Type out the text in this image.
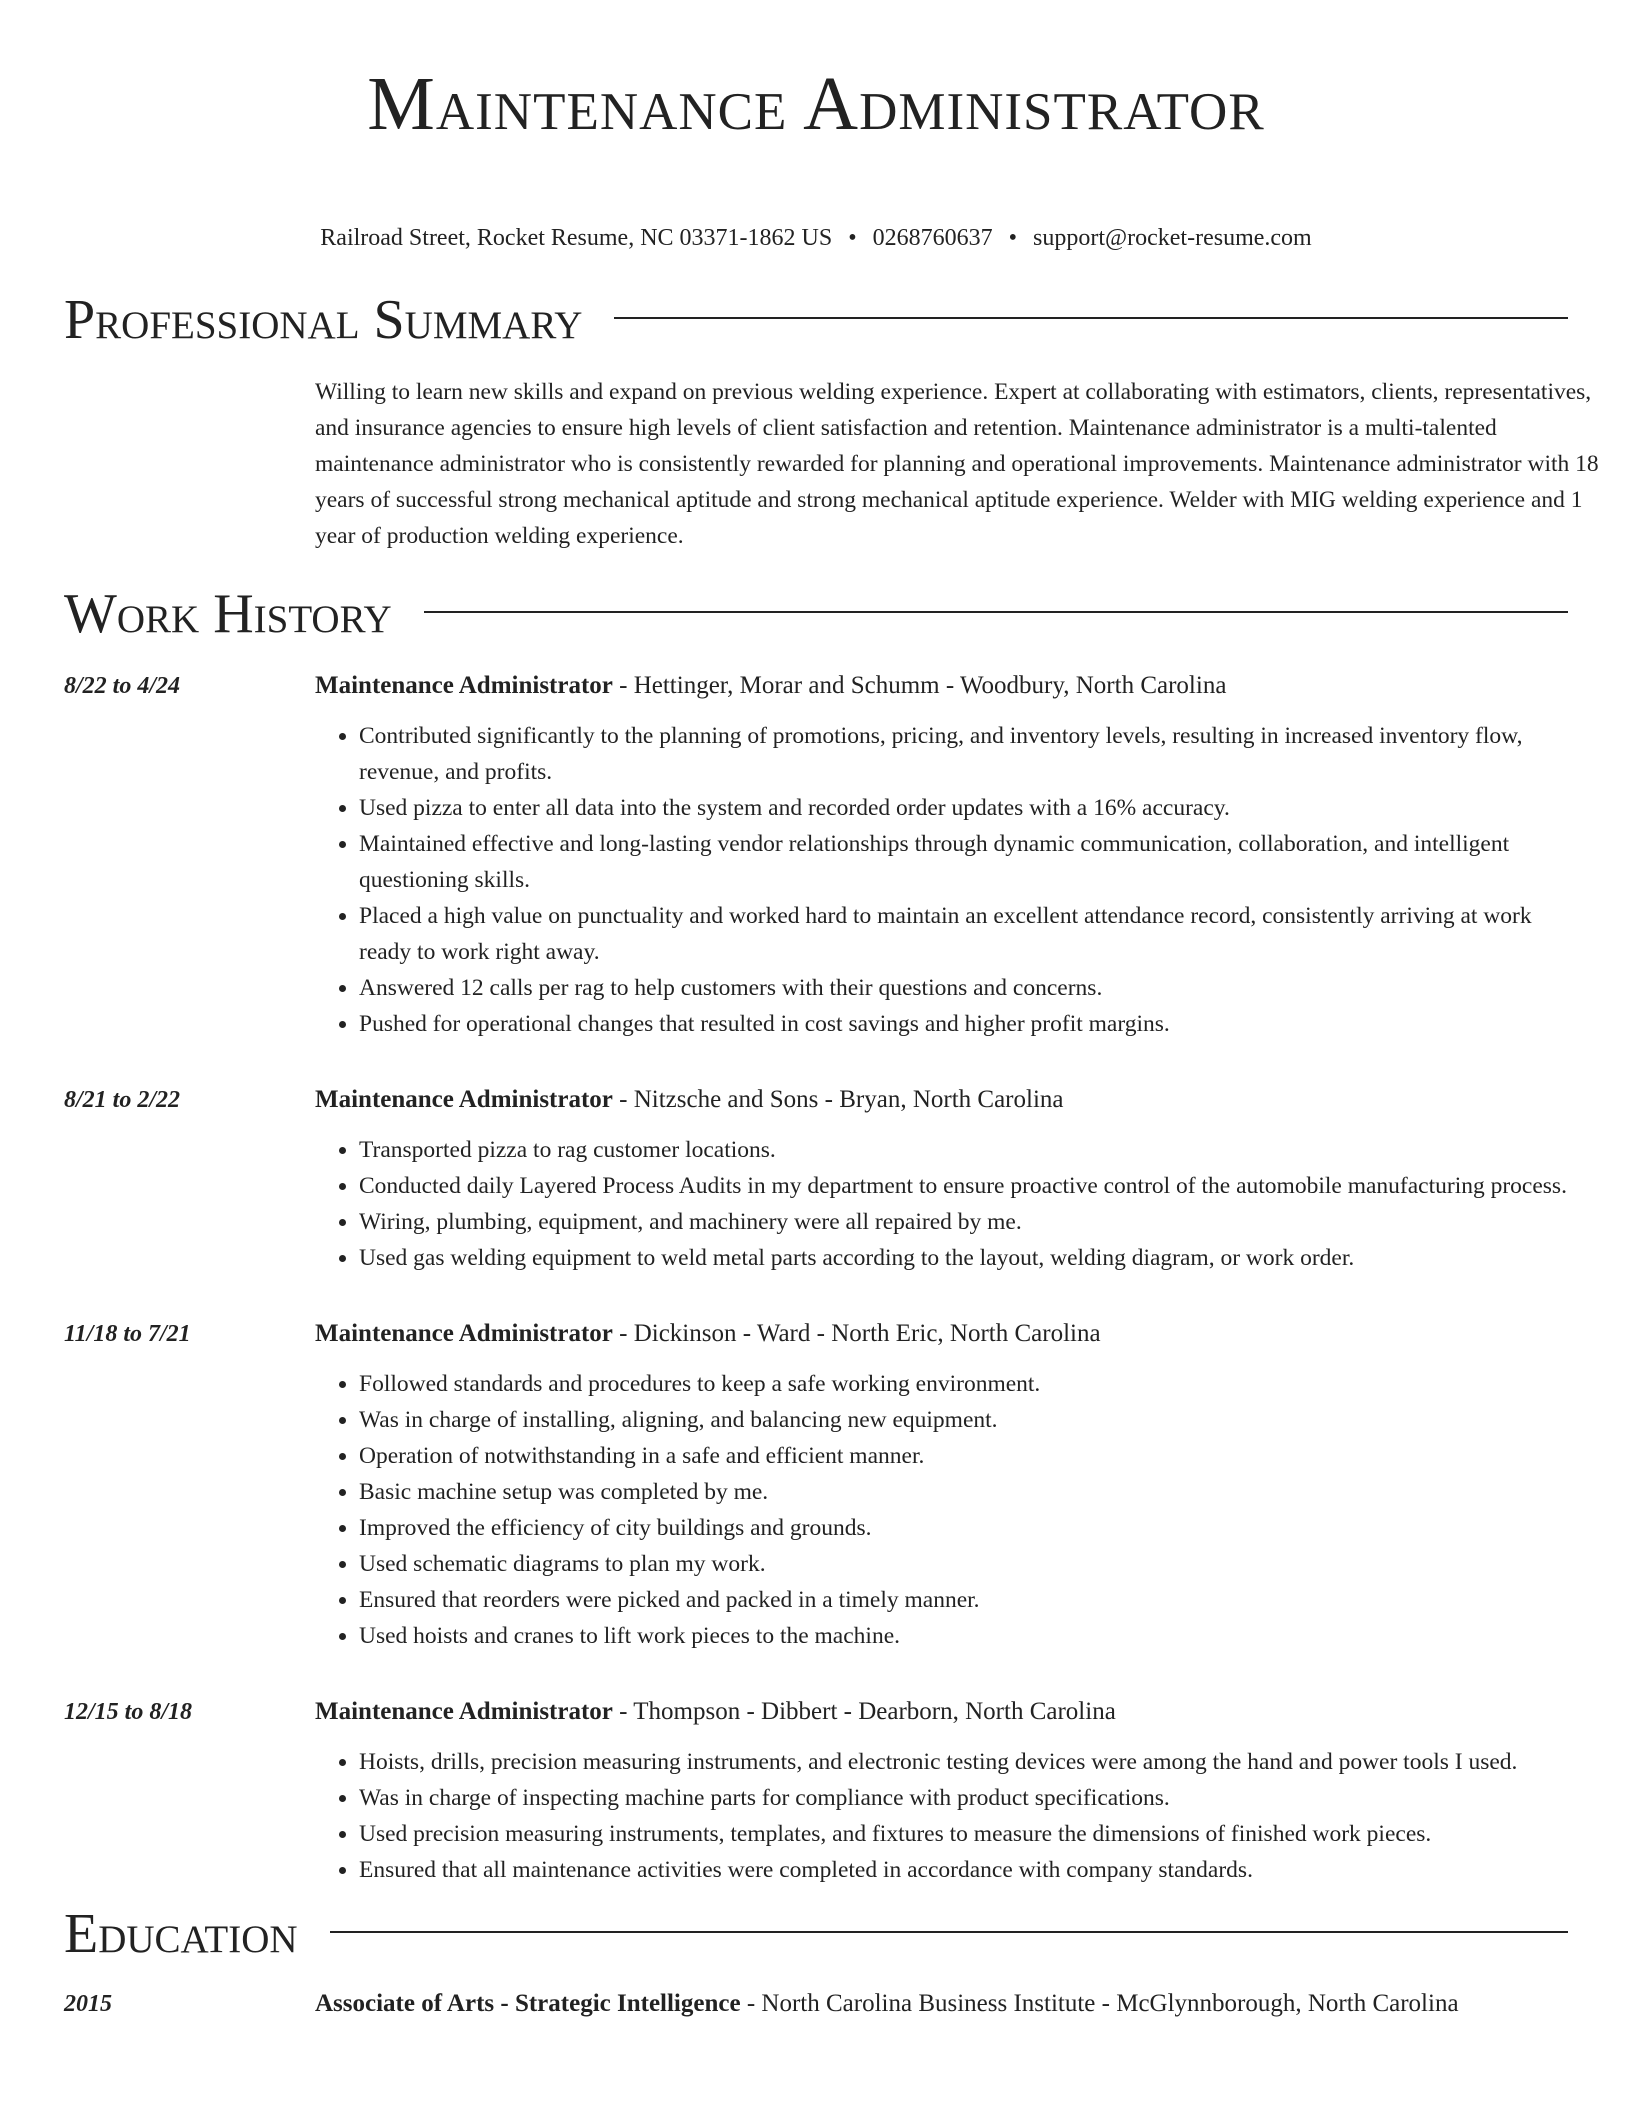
Maintenance Administrator
Railroad Street, Rocket Resume, NC 03371-1862 US • 0268760637 • support@rocket-resume.com
Professional Summary
Willing to learn new skills and expand on previous welding experience. Expert at collaborating with estimators, clients, representatives, and insurance agencies to ensure high levels of client satisfaction and retention. Maintenance administrator is a multi-talented maintenance administrator who is consistently rewarded for planning and operational improvements. Maintenance administrator with 18 years of successful strong mechanical aptitude and strong mechanical aptitude experience. Welder with MIG welding experience and 1 year of production welding experience.
Work History
8/22 to 4/24	Maintenance Administrator - Hettinger, Morar and Schumm - Woodbury, North Carolina
• Contributed significantly to the planning of promotions, pricing, and inventory levels, resulting in increased inventory flow, revenue, and profits.
• Used pizza to enter all data into the system and recorded order updates with a 16% accuracy.
• Maintained effective and long-lasting vendor relationships through dynamic communication, collaboration, and intelligent questioning skills.
• Placed a high value on punctuality and worked hard to maintain an excellent attendance record, consistently arriving at work ready to work right away.
• Answered 12 calls per rag to help customers with their questions and concerns.
• Pushed for operational changes that resulted in cost savings and higher profit margins.
8/21 to 2/22	Maintenance Administrator - Nitzsche and Sons - Bryan, North Carolina
• Transported pizza to rag customer locations.
• Conducted daily Layered Process Audits in my department to ensure proactive control of the automobile manufacturing process.
• Wiring, plumbing, equipment, and machinery were all repaired by me.
• Used gas welding equipment to weld metal parts according to the layout, welding diagram, or work order.
11/18 to 7/21	Maintenance Administrator - Dickinson - Ward - North Eric, North Carolina
• Followed standards and procedures to keep a safe working environment.
• Was in charge of installing, aligning, and balancing new equipment.
• Operation of notwithstanding in a safe and efficient manner.
• Basic machine setup was completed by me.
• Improved the efficiency of city buildings and grounds.
• Used schematic diagrams to plan my work.
• Ensured that reorders were picked and packed in a timely manner.
• Used hoists and cranes to lift work pieces to the machine.
12/15 to 8/18	Maintenance Administrator - Thompson - Dibbert - Dearborn, North Carolina
• Hoists, drills, precision measuring instruments, and electronic testing devices were among the hand and power tools I used.
• Was in charge of inspecting machine parts for compliance with product specifications.
• Used precision measuring instruments, templates, and fixtures to measure the dimensions of finished work pieces.
• Ensured that all maintenance activities were completed in accordance with company standards.
Education
2015	Associate of Arts - Strategic Intelligence - North Carolina Business Institute - McGlynnborough, North Carolina
